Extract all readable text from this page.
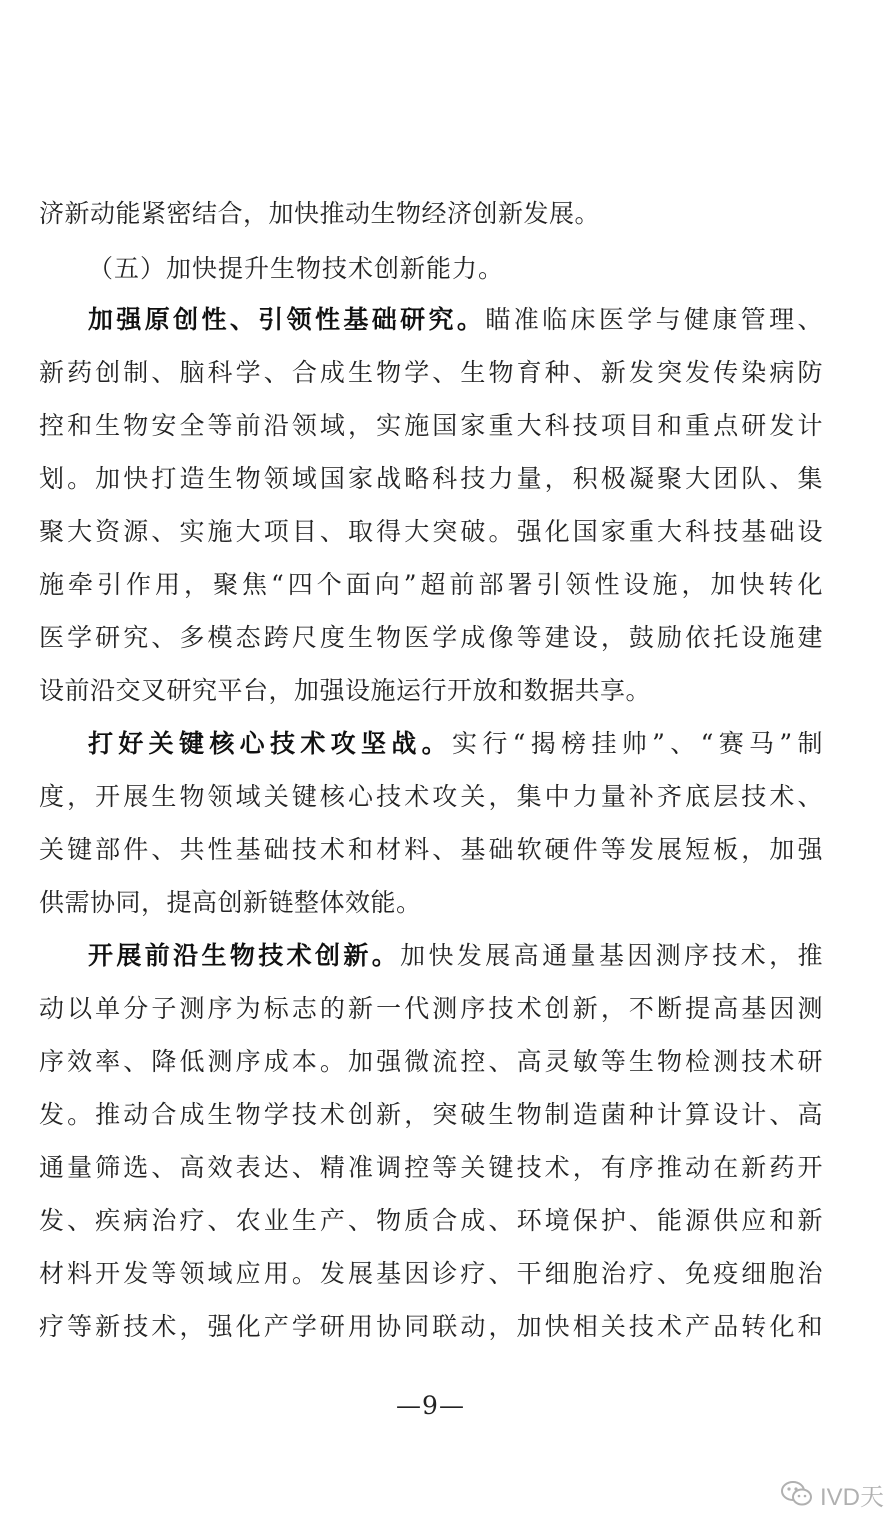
济新动能紧密结合，加快推动生物经济创新发展。
（五）加快提升生物技术创新能力。
加强原创性、引领性基础研究。瞄准临床医学与健康管理、
新药创制、脑科学、合成生物学、生物育种、新发突发传染病防
控和生物安全等前沿领域，实施国家重大科技项目和重点研发计
划。加快打造生物领域国家战略科技力量，积极凝聚大团队、集
聚大资源、实施大项目、取得大突破。强化国家重大科技基础设
施牵引作用，聚焦“四个面向”超前部署引领性设施，加快转化
医学研究、多模态跨尺度生物医学成像等建设，鼓励依托设施建
设前沿交叉研究平台，加强设施运行开放和数据共享。
打好关键核心技术攻坚战。实行“揭榜挂帅”、“赛马”制
度，开展生物领域关键核心技术攻关，集中力量补齐底层技术、
关键部件、共性基础技术和材料、基础软硬件等发展短板，加强
供需协同，提高创新链整体效能。
开展前沿生物技术创新。加快发展高通量基因测序技术，推
动以单分子测序为标志的新一代测序技术创新，不断提高基因测
序效率、降低测序成本。加强微流控、高灵敏等生物检测技术研
发。推动合成生物学技术创新，突破生物制造菌种计算设计、高
通量筛选、高效表达、精准调控等关键技术，有序推动在新药开
发、疾病治疗、农业生产、物质合成、环境保护、能源供应和新
材料开发等领域应用。发展基因诊疗、干细胞治疗、免疫细胞治
疗等新技术，强化产学研用协同联动，加快相关技术产品转化和
—9—
IVD天
